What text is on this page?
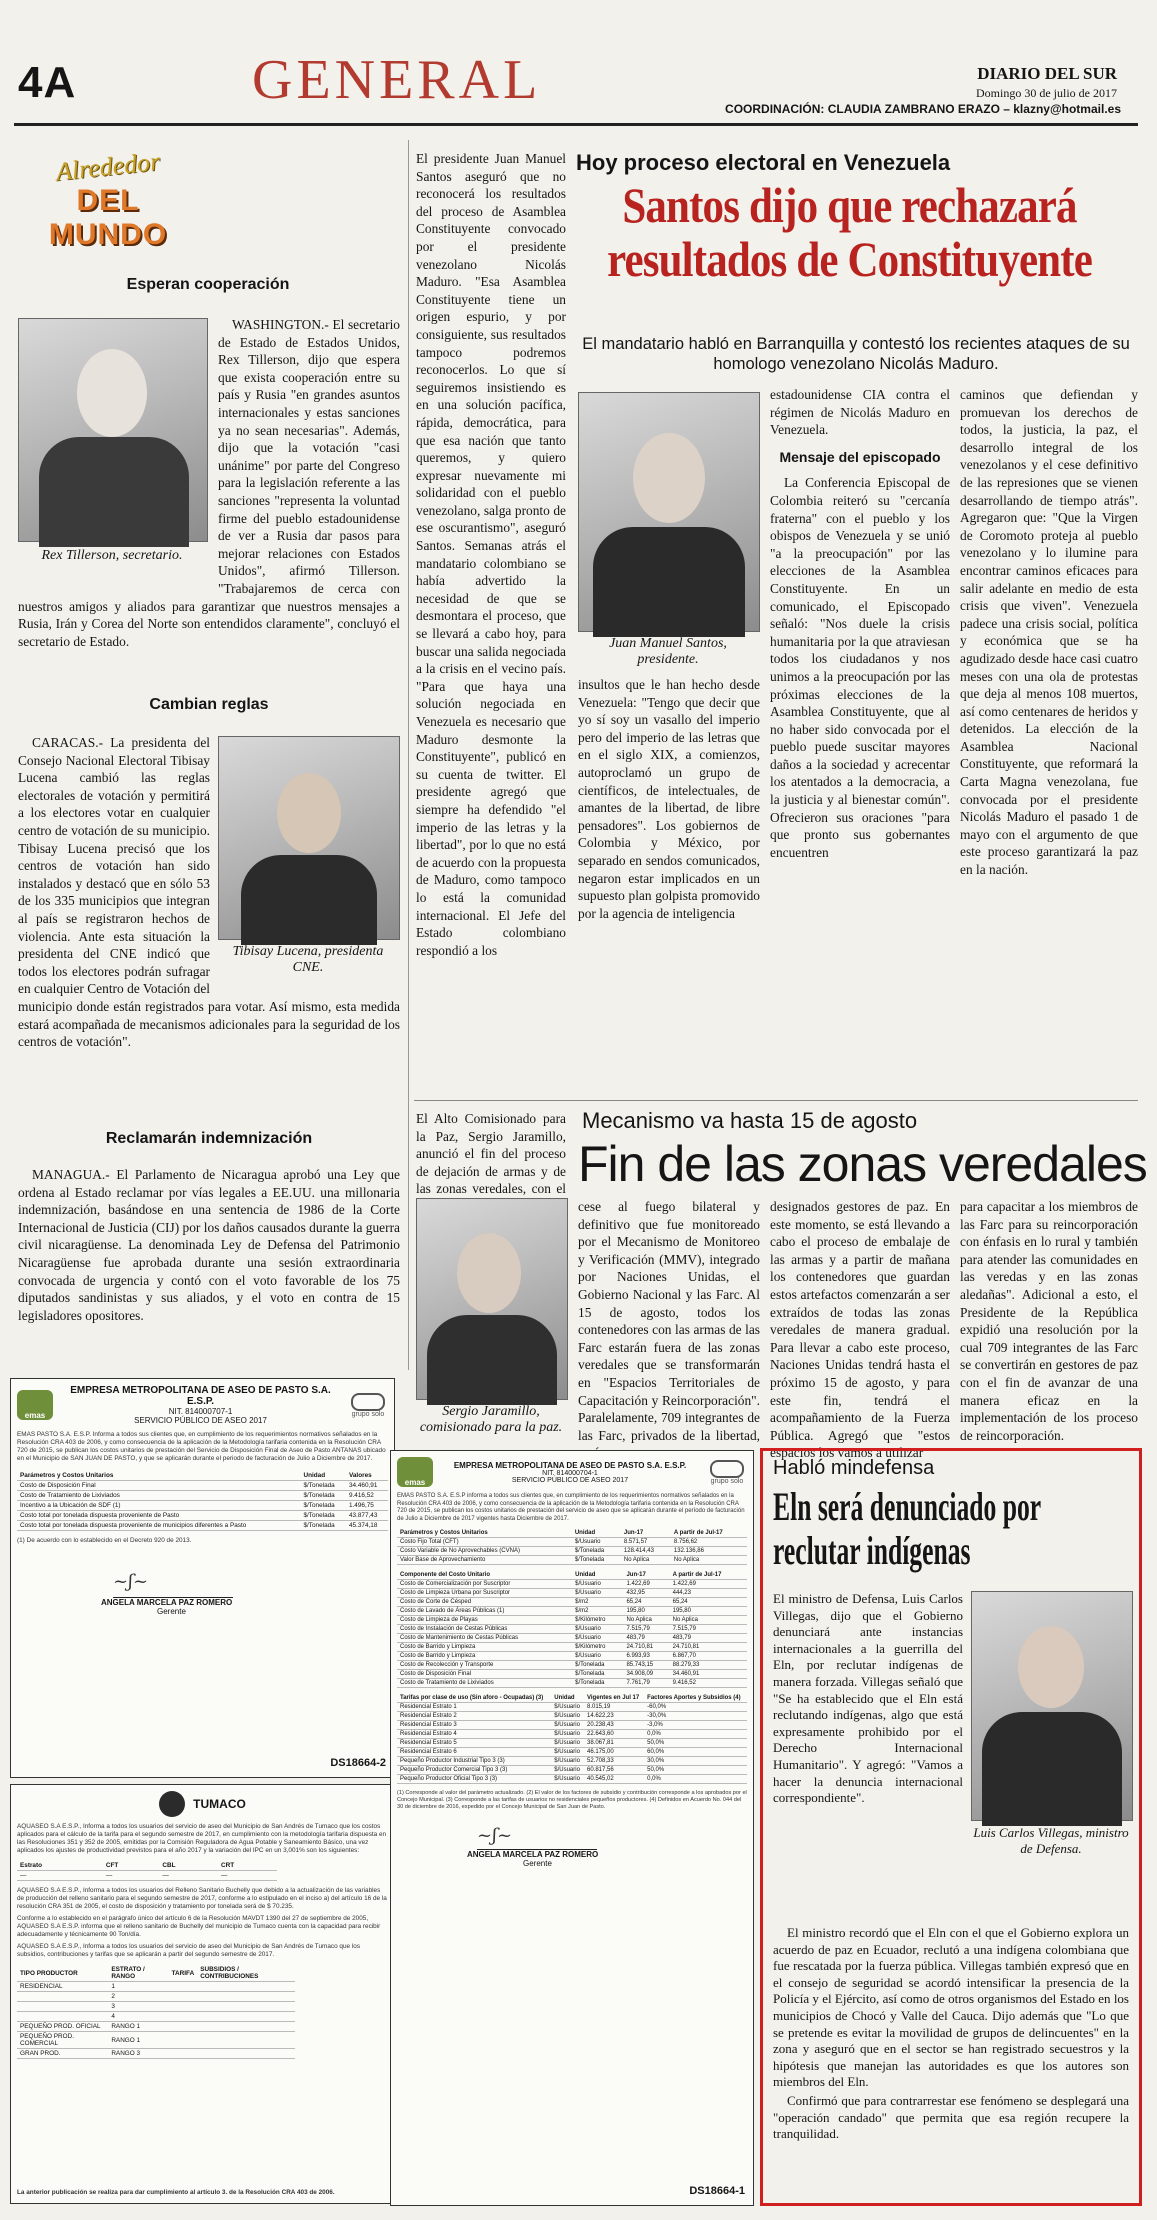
4A	GENERAL	DIARIO DEL SUR
Domingo 30 de julio de 2017
COORDINACIÓN: CLAUDIA ZAMBRANO ERAZO – klazny@hotmail.es
Alrededor
DEL MUNDO
Esperan cooperación
Rex Tillerson, secretario.

WASHINGTON.- El secretario de Estado de Estados Unidos, Rex Tillerson, dijo que espera que exista cooperación entre su país y Rusia "en grandes asuntos internacionales y estas sanciones ya no sean necesarias". Además, dijo que la votación "casi unánime" por parte del Congreso para la legislación referente a las sanciones "representa la voluntad firme del pueblo estadounidense de ver a Rusia dar pasos para mejorar relaciones con Estados Unidos", afirmó Tillerson. "Trabajaremos de cerca con nuestros amigos y aliados para garantizar que nuestros mensajes a Rusia, Irán y Corea del Norte son entendidos claramente", concluyó el secretario de Estado.

Cambian reglas
Tibisay Lucena, presidenta CNE.

CARACAS.- La presidenta del Consejo Nacional Electoral Tibisay Lucena cambió las reglas electorales de votación y permitirá a los electores votar en cualquier centro de votación de su municipio. Tibisay Lucena precisó que los centros de votación han sido instalados y destacó que en sólo 53 de los 335 municipios que integran al país se registraron hechos de violencia. Ante esta situación la presidenta del CNE indicó que todos los electores podrán sufragar en cualquier Centro de Votación del municipio donde están registrados para votar. Así mismo, esta medida estará acompañada de mecanismos adicionales para la seguridad de los centros de votación".

Reclamarán indemnización

MANAGUA.- El Parlamento de Nicaragua aprobó una Ley que ordena al Estado reclamar por vías legales a EE.UU. una millonaria indemnización, basándose en una sentencia de 1986 de la Corte Internacional de Justicia (CIJ) por los daños causados durante la guerra civil nicaragüense. La denominada Ley de Defensa del Patrimonio Nicaragüense fue aprobada durante una sesión extraordinaria convocada de urgencia y contó con el voto favorable de los 75 diputados sandinistas y sus aliados, y el voto en contra de 15 legisladores opositores.

emas
EMPRESA METROPOLITANA DE ASEO DE PASTO S.A. E.S.P.
NIT. 814000707-1
SERVICIO PÚBLICO DE ASEO 2017
grupo solo
EMAS PASTO S.A. E.S.P. Informa a todos sus clientes que, en cumplimiento de los requerimientos normativos señalados en la Resolución CRA 403 de 2006, y como consecuencia de la aplicación de la Metodología tarifaria contenida en la Resolución CRA 720 de 2015, se publican los costos unitarios de prestación del Servicio de Disposición Final de Aseo de Pasto ANTANAS ubicado en el Municipio de SAN JUAN DE PASTO, y que se aplicarán durante el periodo de facturación de Julio a Diciembre de 2017.
Parámetros y Costos Unitarios	Unidad	Valores
Costo de Disposición Final	$/Tonelada	34.460,91
Costo de Tratamiento de Lixiviados	$/Tonelada	9.416,52
Incentivo a la Ubicación de SDF (1)	$/Tonelada	1.496,75
Costo total por tonelada dispuesta proveniente de Pasto	$/Tonelada	43.877,43
Costo total por tonelada dispuesta proveniente de municipios diferentes a Pasto	$/Tonelada	45.374,18
(1) De acuerdo con lo establecido en el Decreto 920 de 2013.
~ʃ~
ANGELA MARCELA PAZ ROMERO
Gerente
DS18664-2
TUMACO
AQUASEO S.A E.S.P., Informa a todos los usuarios del servicio de aseo del Municipio de San Andrés de Tumaco que los costos aplicados para el cálculo de la tarifa para el segundo semestre de 2017, en cumplimiento con la metodología tarifaria dispuesta en las Resoluciones 351 y 352 de 2005, emitidas por la Comisión Reguladora de Agua Potable y Saneamiento Básico, una vez aplicados los ajustes de productividad previstos para el año 2017 y la variación del IPC en un 3,001% son los siguientes:
Estrato	CFT	CBL	CRT
—	—	—	—
AQUASEO S.A E.S.P., Informa a todos los usuarios del Relleno Sanitario Buchelly que debido a la actualización de las variables de producción del relleno sanitario para el segundo semestre de 2017, conforme a lo estipulado en el inciso a) del artículo 16 de la resolución CRA 351 de 2005, el costo de disposición y tratamiento por tonelada será de $ 70.235.
Conforme a lo establecido en el parágrafo único del artículo 6 de la Resolución MAVDT 1390 del 27 de septiembre de 2005, AQUASEO S.A E.S.P. informa que el relleno sanitario de Buchelly del municipio de Tumaco cuenta con la capacidad para recibir adecuadamente y técnicamente 90 Ton/día.
AQUASEO S.A E.S.P., Informa a todos los usuarios del servicio de aseo del Municipio de San Andrés de Tumaco que los subsidios, contribuciones y tarifas que se aplicarán a partir del segundo semestre de 2017.
TIPO PRODUCTOR	ESTRATO / RANGO	TARIFA	SUBSIDIOS / CONTRIBUCIONES
RESIDENCIAL	1		
	2		
	3		
	4		
PEQUEÑO PROD. OFICIAL	RANGO 1		
PEQUEÑO PROD. COMERCIAL	RANGO 1		
GRAN PROD.	RANGO 3		
La anterior publicación se realiza para dar cumplimiento al artículo 3. de la Resolución CRA 403 de 2006.
Hoy proceso electoral en Venezuela
Santos dijo que rechazará resultados de Constituyente
El mandatario habló en Barranquilla y contestó los recientes ataques de su homologo venezolano Nicolás Maduro.

El presidente Juan Manuel Santos aseguró que no reconocerá los resultados del proceso de Asamblea Constituyente convocado por el presidente venezolano Nicolás Maduro. "Esa Asamblea Constituyente tiene un origen espurio, y por consiguiente, sus resultados tampoco podremos reconocerlos. Lo que sí seguiremos insistiendo es en una solución pacífica, rápida, democrática, para que esa nación que tanto queremos, y quiero expresar nuevamente mi solidaridad con el pueblo venezolano, salga pronto de ese oscurantismo", aseguró Santos. Semanas atrás el mandatario colombiano se había advertido la necesidad de que se desmontara el proceso, que se llevará a cabo hoy, para buscar una salida negociada a la crisis en el vecino país. "Para que haya una solución negociada en Venezuela es necesario que Maduro desmonte la Constituyente", publicó en su cuenta de twitter. El presidente agregó que siempre ha defendido "el imperio de las letras y la libertad", por lo que no está de acuerdo con la propuesta de Maduro, como tampoco lo está la comunidad internacional. El Jefe del Estado colombiano respondió a los

Juan Manuel Santos, presidente.

insultos que le han hecho desde Venezuela: "Tengo que decir que yo sí soy un vasallo del imperio pero del imperio de las letras que en el siglo XIX, a comienzos, autoproclamó un grupo de científicos, de intelectuales, de amantes de la libertad, de libre pensadores". Los gobiernos de Colombia y México, por separado en sendos comunicados, negaron estar implicados en un supuesto plan golpista promovido por la agencia de inteligencia

estadounidense CIA contra el régimen de Nicolás Maduro en Venezuela.

Mensaje del episcopado

La Conferencia Episcopal de Colombia reiteró su "cercanía fraterna" con el pueblo y los obispos de Venezuela y se unió "a la preocupación" por las elecciones de la Asamblea Constituyente. En un comunicado, el Episcopado señaló: "Nos duele la crisis humanitaria por la que atraviesan todos los ciudadanos y nos unimos a la preocupación por las próximas elecciones de la Asamblea Constituyente, que al no haber sido convocada por el pueblo puede suscitar mayores daños a la sociedad y acrecentar los atentados a la democracia, a la justicia y al bienestar común". Ofrecieron sus oraciones "para que pronto sus gobernantes encuentren

caminos que defiendan y promuevan los derechos de todos, la justicia, la paz, el desarrollo integral de los venezolanos y el cese definitivo de las represiones que se vienen desarrollando de tiempo atrás". Agregaron que: "Que la Virgen de Coromoto proteja al pueblo venezolano y lo ilumine para encontrar caminos eficaces para salir adelante en medio de esta crisis que viven". Venezuela padece una crisis social, política y económica que se ha agudizado desde hace casi cuatro meses con una ola de protestas que deja al menos 108 muertos, así como centenares de heridos y detenidos. La elección de la Asamblea Nacional Constituyente, que reformará la Carta Magna venezolana, fue convocada por el presidente Nicolás Maduro el pasado 1 de mayo con el argumento de que este proceso garantizará la paz en la nación.

El Alto Comisionado para la Paz, Sergio Jaramillo, anunció el fin del proceso de dejación de armas y de las zonas veredales, con el

Mecanismo va hasta 15 de agosto
Fin de las zonas veredales
Sergio Jaramillo, comisionado para la paz.

cese al fuego bilateral y definitivo que fue monitoreado por el Mecanismo de Monitoreo y Verificación (MMV), integrado por Naciones Unidas, el Gobierno Nacional y las Farc. Al 15 de agosto, todos los contenedores con las armas de las Farc estarán fuera de las zonas veredales que se transformarán en "Espacios Territoriales de Capacitación y Reincorporación". Paralelamente, 709 integrantes de las Farc, privados de la libertad,

designados gestores de paz. En este momento, se está llevando a cabo el proceso de embalaje de las armas y a partir de mañana los contenedores que guardan estos artefactos comenzarán a ser extraídos de todas las zonas veredales de manera gradual. Para llevar a cabo este proceso, Naciones Unidas tendrá hasta el próximo 15 de agosto, y para este fin, tendrá el acompañamiento de la Fuerza Pública. Agregó que "estos espacios los vamos a utilizar

para capacitar a los miembros de las Farc para su reincorporación con énfasis en lo rural y también para atender las comunidades en las veredas y en las zonas aledañas". Adicional a esto, el Presidente de la República expidió una resolución por la cual 709 integrantes de las Farc se convertirán en gestores de paz con el fin de avanzar de una manera eficaz en la implementación de los proceso de reincorporación.

emas
EMPRESA METROPOLITANA DE ASEO DE PASTO S.A. E.S.P.
NIT. 814000704-1
SERVICIO PÚBLICO DE ASEO 2017	grupo solo
EMAS PASTO S.A. E.S.P informa a todos sus clientes que, en cumplimiento de los requerimientos normativos señalados en la Resolución CRA 403 de 2006, y como consecuencia de la aplicación de la Metodología tarifaria contenida en la Resolución CRA 720 de 2015, se publican los costos unitarios de prestación del servicio de aseo que se aplicarán durante el período de facturación de Julio a Diciembre de 2017 vigentes hasta Diciembre de 2017.
Parámetros y Costos Unitarios	Unidad	Jun-17	A partir de Jul-17
Costo Fijo Total (CFT)	$/Usuario	8.571,57	8.756,62
Costo Variable de No Aprovechables (CVNA)	$/Tonelada	128.414,43	132.136,86
Valor Base de Aprovechamiento	$/Tonelada	No Aplica	No Aplica
Componente del Costo Unitario	Unidad	Jun-17	A partir de Jul-17
Costo de Comercialización por Suscriptor	$/Usuario	1.422,69	1.422,69
Costo de Limpieza Urbana por Suscriptor	$/Usuario	432,95	444,23
Costo de Corte de Césped	$/m2	65,24	65,24
Costo de Lavado de Áreas Públicas (1)	$/m2	195,80	195,80
Costo de Limpieza de Playas	$/Kilómetro	No Aplica	No Aplica
Costo de Instalación de Cestas Públicas	$/Usuario	7.515,79	7.515,79
Costo de Mantenimiento de Cestas Públicas	$/Usuario	483,79	483,79
Costo de Barrido y Limpieza	$/Kilómetro	24.710,81	24.710,81
Costo de Barrido y Limpieza	$/Usuario	6.993,93	6.867,70
Costo de Recolección y Transporte	$/Tonelada	85.743,15	88.279,33
Costo de Disposición Final	$/Tonelada	34.908,09	34.460,91
Costo de Tratamiento de Lixiviados	$/Tonelada	7.761,79	9.416,52
Tarifas por clase de uso (Sin aforo - Ocupadas) (3)	Unidad	Vigentes en Jul 17	Factores Aportes y Subsidios (4)
Residencial Estrato 1	$/Usuario	8.015,19	-60,0%
Residencial Estrato 2	$/Usuario	14.622,23	-30,0%
Residencial Estrato 3	$/Usuario	20.238,43	-3,0%
Residencial Estrato 4	$/Usuario	22.643,60	0,0%
Residencial Estrato 5	$/Usuario	38.067,81	50,0%
Residencial Estrato 6	$/Usuario	46.175,00	60,0%
Pequeño Productor Industrial Tipo 3 (3)	$/Usuario	52.708,33	30,0%
Pequeño Productor Comercial Tipo 3 (3)	$/Usuario	60.817,56	50,0%
Pequeño Productor Oficial Tipo 3 (3)	$/Usuario	40.545,02	0,0%
(1) Corresponde al valor del parámetro actualizado. (2) El valor de los factores de subsidio y contribución corresponde a los aprobados por el Concejo Municipal. (3) Corresponde a las tarifas de usuarios no residenciales pequeños productores. (4) Definidos en Acuerdo No. 044 del 30 de diciembre de 2016, expedido por el Concejo Municipal de San Juan de Pasto.
~ʃ~
ANGELA MARCELA PAZ ROMERO
Gerente
DS18664-1
Habló mindefensa
Eln será denunciado por reclutar indígenas

El ministro de Defensa, Luis Carlos Villegas, dijo que el Gobierno denunciará ante instancias internacionales a la guerrilla del Eln, por reclutar indígenas de manera forzada. Villegas señaló que "Se ha establecido que el Eln está reclutando indígenas, algo que está expresamente prohibido por el Derecho Internacional Humanitario". Y agregó: "Vamos a hacer la denuncia internacional correspondiente".

Luis Carlos Villegas, ministro de Defensa.

El ministro recordó que el Eln con el que el Gobierno explora un acuerdo de paz en Ecuador, reclutó a una indígena colombiana que fue rescatada por la fuerza pública. Villegas también expresó que en el consejo de seguridad se acordó intensificar la presencia de la Policía y el Ejército, así como de otros organismos del Estado en los municipios de Chocó y Valle del Cauca. Dijo además que "Lo que se pretende es evitar la movilidad de grupos de delincuentes" en la zona y aseguró que en el sector se han registrado secuestros y la hipótesis que manejan las autoridades es que los autores son miembros del Eln.

Confirmó que para contrarrestar ese fenómeno se desplegará una "operación candado" que permita que esa región recupere la tranquilidad.
